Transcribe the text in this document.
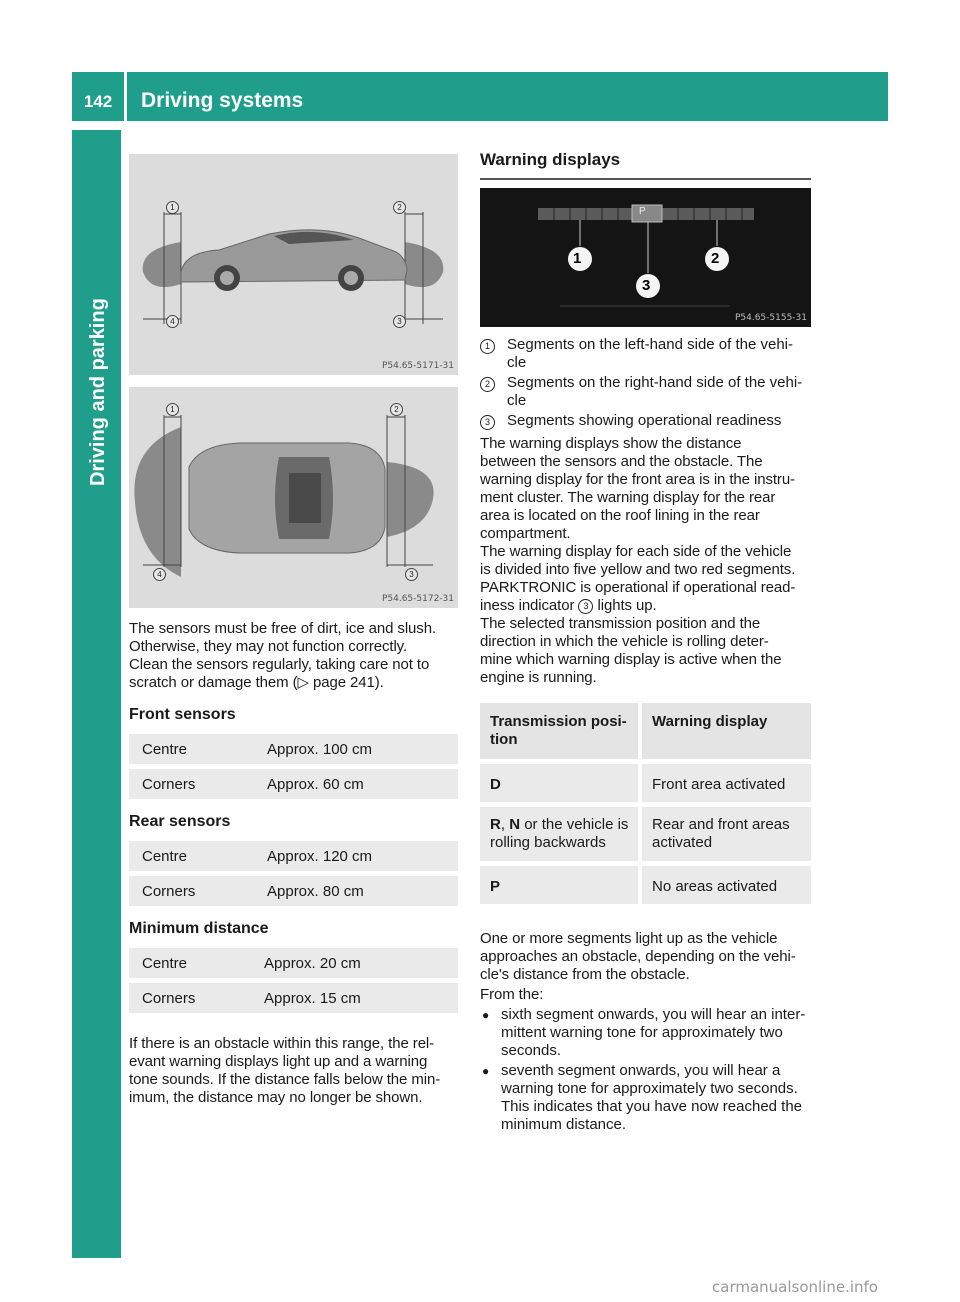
142	Driving systems
Driving and parking
1	2
4	3
P54.65-5171-31
1	2
4	3
P54.65-5172-31

The sensors must be free of dirt, ice and slush.
Otherwise, they may not function correctly.
Clean the sensors regularly, taking care not to
scratch or damage them (▷ page 241).

Front sensors
Centre	Approx. 100 cm
Corners	Approx. 60 cm
Rear sensors
Centre	Approx. 120 cm
Corners	Approx. 80 cm
Minimum distance
Centre	Approx. 20 cm
Corners	Approx. 15 cm

If there is an obstacle within this range, the rel-
evant warning displays light up and a warning
tone sounds. If the distance falls below the min-
imum, the distance may no longer be shown.

Warning displays
P
1
3
2
P54.65-5155-31
1	Segments on the left-hand side of the vehi-
cle
2	Segments on the right-hand side of the vehi-
cle
3	Segments showing operational readiness

The warning displays show the distance
between the sensors and the obstacle. The
warning display for the front area is in the instru-
ment cluster. The warning display for the rear
area is located on the roof lining in the rear
compartment.

The warning display for each side of the vehicle
is divided into five yellow and two red segments.
PARKTRONIC is operational if operational read-
iness indicator 3 lights up.

The selected transmission position and the
direction in which the vehicle is rolling deter-
mine which warning display is active when the
engine is running.

Transmission posi-
tion	Warning display
D	Front area activated
R, N or the vehicle is
rolling backwards	Rear and front areas
activated
P	No areas activated

One or more segments light up as the vehicle
approaches an obstacle, depending on the vehi-
cle's distance from the obstacle.

From the:

● sixth segment onwards, you will hear an inter-
mittent warning tone for approximately two
seconds.
● seventh segment onwards, you will hear a
warning tone for approximately two seconds.
This indicates that you have now reached the
minimum distance.
carmanualsonline.info
